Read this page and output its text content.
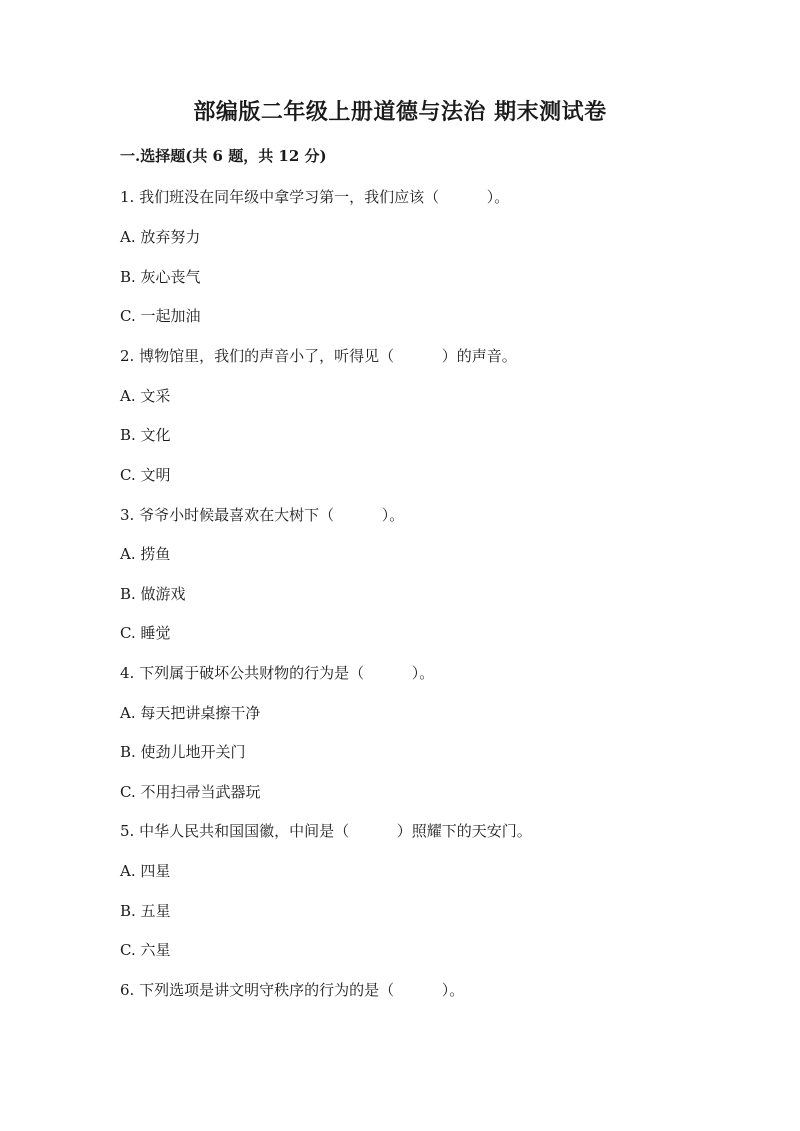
部编版二年级上册道德与法治 期末测试卷
一.选择题(共 6 题，共 12 分)

1. 我们班没在同年级中拿学习第一，我们应该（          ）。

A. 放弃努力

B. 灰心丧气

C. 一起加油

2. 博物馆里，我们的声音小了，听得见（          ）的声音。

A. 文采

B. 文化

C. 文明

3. 爷爷小时候最喜欢在大树下（          ）。

A. 捞鱼

B. 做游戏

C. 睡觉

4. 下列属于破坏公共财物的行为是（          ）。

A. 每天把讲桌擦干净

B. 使劲儿地开关门

C. 不用扫帚当武器玩

5. 中华人民共和国国徽，中间是（          ）照耀下的天安门。

A. 四星

B. 五星

C. 六星

6. 下列选项是讲文明守秩序的行为的是（          ）。
